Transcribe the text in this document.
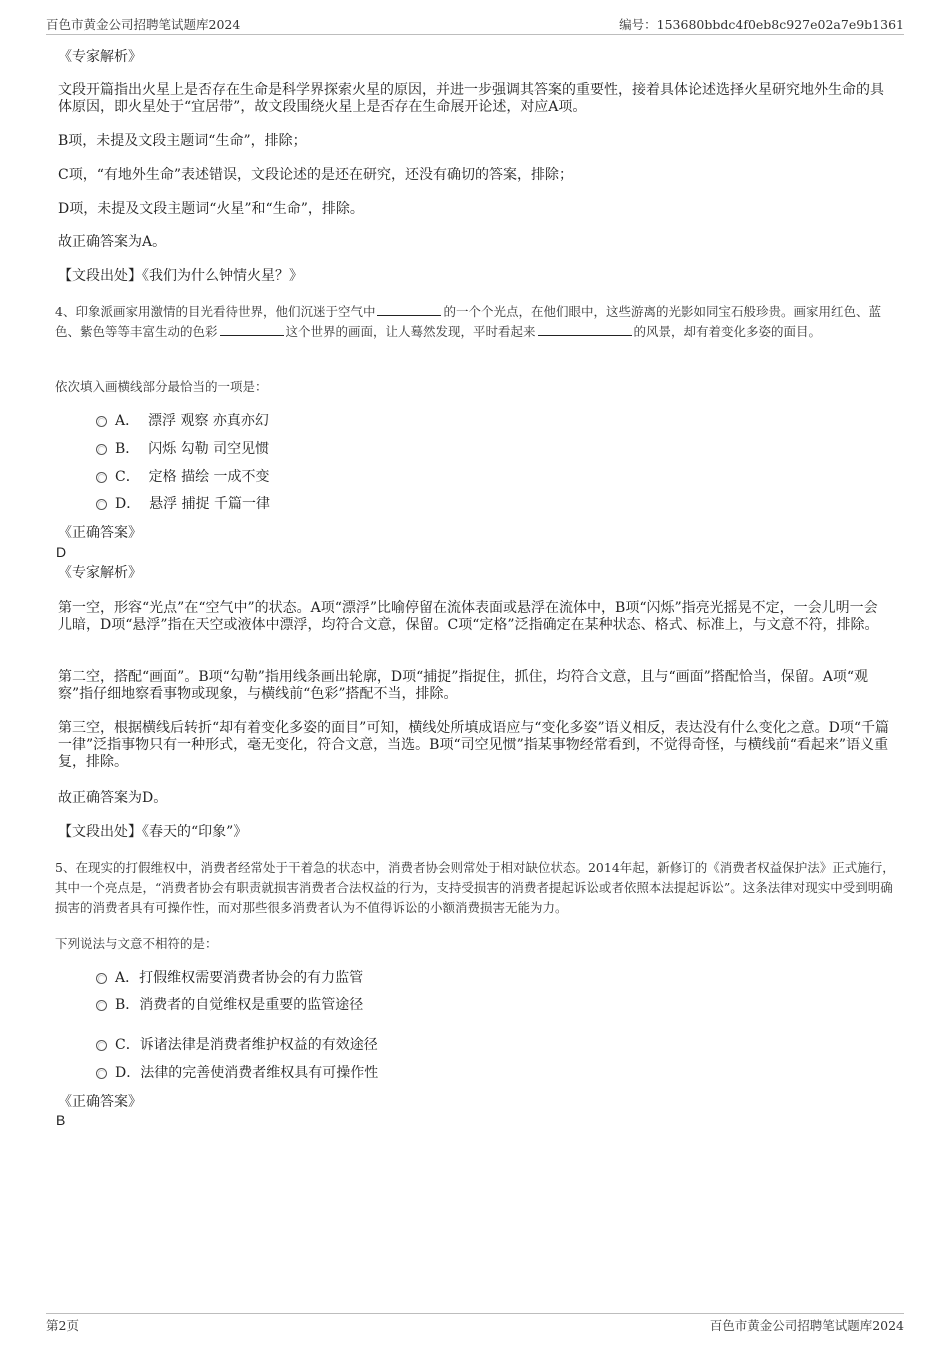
百色市黄金公司招聘笔试题库2024	编号：153680bbdc4f0eb8c927e02a7e9b1361
《专家解析》
文段开篇指出火星上是否存在生命是科学界探索火星的原因，并进一步强调其答案的重要性，接着具体论述选择火星研究地外生命的具体原因，即火星处于“宜居带”，故文段围绕火星上是否存在生命展开论述，对应A项。
B项，未提及文段主题词“生命”，排除；
C项，“有地外生命”表述错误，文段论述的是还在研究，还没有确切的答案，排除；
D项，未提及文段主题词“火星”和“生命”，排除。
故正确答案为A。
【文段出处】《我们为什么钟情火星？》
4、印象派画家用激情的目光看待世界，他们沉迷于空气中	的一个个光点，在他们眼中，这些游离的光影如同宝石般珍贵。画家用红色、蓝色、紫色等等丰富生动的色彩	这个世界的画面，让人蓦然发现，平时看起来	的风景，却有着变化多姿的面目。
依次填入画横线部分最恰当的一项是：
A． 漂浮 观察 亦真亦幻
B． 闪烁 勾勒 司空见惯
C． 定格 描绘 一成不变
D． 悬浮 捕捉 千篇一律
《正确答案》
D
《专家解析》
第一空，形容“光点”在“空气中”的状态。A项“漂浮”比喻停留在流体表面或悬浮在流体中，B项“闪烁”指亮光摇晃不定，一会儿明一会儿暗，D项“悬浮”指在天空或液体中漂浮，均符合文意，保留。C项“定格”泛指确定在某种状态、格式、标准上，与文意不符，排除。
第二空，搭配“画面”。B项“勾勒”指用线条画出轮廓，D项“捕捉”指捉住，抓住，均符合文意，且与“画面”搭配恰当，保留。A项“观察”指仔细地察看事物或现象，与横线前“色彩”搭配不当，排除。
第三空，根据横线后转折“却有着变化多姿的面目”可知，横线处所填成语应与“变化多姿”语义相反，表达没有什么变化之意。D项“千篇一律”泛指事物只有一种形式，毫无变化，符合文意，当选。B项“司空见惯”指某事物经常看到，不觉得奇怪，与横线前“看起来”语义重复，排除。
故正确答案为D。
【文段出处】《春天的“印象”》
5、在现实的打假维权中，消费者经常处于干着急的状态中，消费者协会则常处于相对缺位状态。2014年起，新修订的《消费者权益保护法》正式施行，其中一个亮点是，“消费者协会有职责就损害消费者合法权益的行为，支持受损害的消费者提起诉讼或者依照本法提起诉讼”。这条法律对现实中受到明确损害的消费者具有可操作性，而对那些很多消费者认为不值得诉讼的小额消费损害无能为力。
下列说法与文意不相符的是：
A．打假维权需要消费者协会的有力监管
B．消费者的自觉维权是重要的监管途径
C．诉诸法律是消费者维护权益的有效途径
D．法律的完善使消费者维权具有可操作性
《正确答案》
B
第2页	百色市黄金公司招聘笔试题库2024
